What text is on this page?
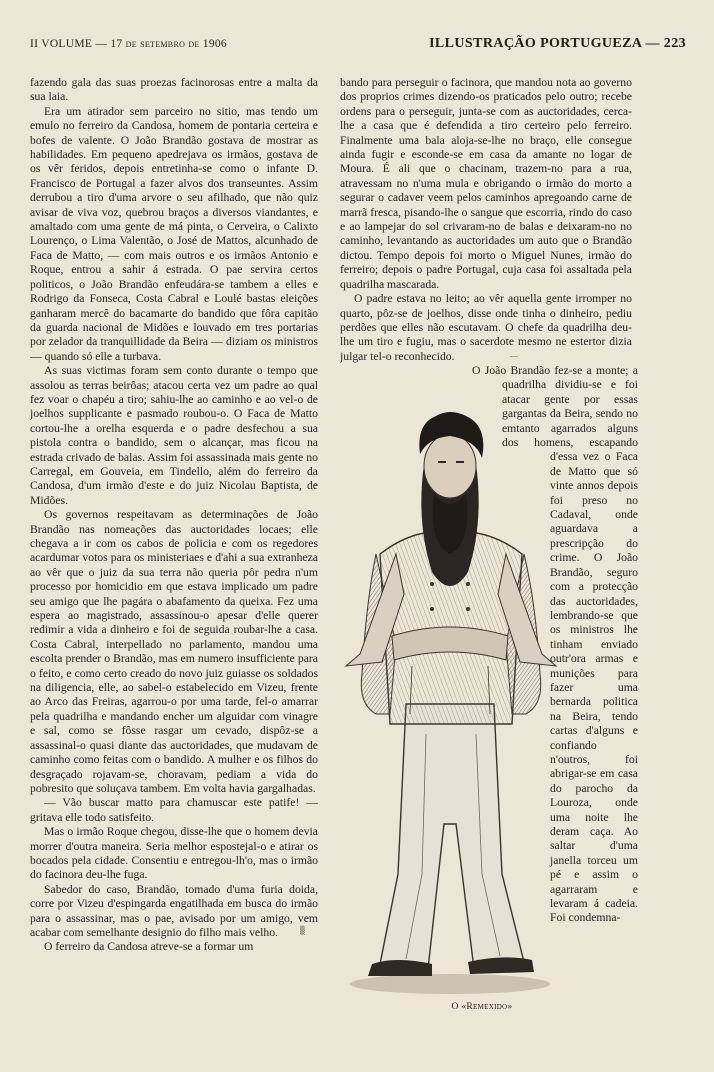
II VOLUME — 17 de setembro de 1906	ILLUSTRAÇÃO PORTUGUEZA — 223

fazendo gala das suas proezas facinorosas entre a malta da sua laia.

Era um atirador sem parceiro no sitio, mas tendo um emulo no ferreiro da Candosa, homem de pontaria certeira e bofes de valente. O João Brandão gostava de mostrar as habilidades. Em pequeno apedrejava os irmãos, gostava de os vêr feridos, depois entretinha-se como o infante D. Francisco de Portugal a fazer alvos dos transeuntes. Assim derrubou a tiro d'uma arvore o seu afilhado, que não quiz avisar de viva voz, quebrou braços a diversos viandantes, e amaltado com uma gente de má pinta, o Cerveira, o Calixto Lourenço, o Lima Valentão, o José de Mattos, alcunhado de Faca de Matto, — com mais outros e os irmãos Antonio e Roque, entrou a sahir á estrada. O pae servira certos politicos, o João Brandão enfeudára-se tambem a elles e Rodrigo da Fonseca, Costa Cabral e Loulé bastas eleições ganharam mercê do bacamarte do bandido que fôra capitão da guarda nacional de Midões e louvado em tres portarias por zelador da tranquillidade da Beira — diziam os ministros — quando só elle a turbava.

As suas victimas foram sem conto durante o tempo que assolou as terras beirôas; atacou certa vez um padre ao qual fez voar o chapéu a tiro; sahiu-lhe ao caminho e ao vel-o de joelhos supplicante e pasmado roubou-o. O Faca de Matto cortou-lhe a orelha esquerda e o padre desfechou a sua pistola contra o bandido, sem o alcançar, mas ficou na estrada crivado de balas. Assim foi assassinada mais gente no Carregal, em Gouveia, em Tindello, além do ferreiro da Candosa, d'um irmão d'este e do juiz Nicolau Baptista, de Midões.

Os governos respeitavam as determinações de João Brandão nas nomeações das auctoridades locaes; elle chegava a ir com os cabos de policia e com os regedores acardumar votos para os ministeriaes e d'ahi a sua extranheza ao vêr que o juiz da sua terra não queria pôr pedra n'um processo por homicidio em que estava implicado um padre seu amigo que lhe pagára o abafamento da queixa. Fez uma espera ao magistrado, assassinou-o apesar d'elle querer redimir a vida a dinheiro e foi de seguida roubar-lhe a casa. Costa Cabral, interpellado no parlamento, mandou uma escolta prender o Brandão, mas em numero insufficiente para o feito, e como certo creado do novo juiz guiasse os soldados na diligencia, elle, ao sabel-o estabelecido em Vizeu, frente ao Arco das Freiras, agarrou-o por uma tarde, fel-o amarrar pela quadrilha e mandando encher um alguidar com vinagre e sal, como se fôsse rasgar um cevado, dispôz-se a assassinal-o quasi diante das auctoridades, que mudavam de caminho como feitas com o bandido. A mulher e os filhos do desgraçado rojavam-se, choravam, pediam a vida do pobresito que soluçava tambem. Em volta havia gargalhadas.

— Vão buscar matto para chamuscar este patife! — gritava elle todo satisfeito.

Mas o irmão Roque chegou, disse-lhe que o homem devia morrer d'outra maneira. Seria melhor espostejal-o e atirar os bocados pela cidade. Consentiu e entregou-lh'o, mas o irmão do facinora deu-lhe fuga.

Sabedor do caso, Brandão, tomado d'uma furia doida, corre por Vizeu d'espingarda engatilhada em busca do irmão para o assassinar, mas o pae, avisado por um amigo, vem acabar com semelhante designio do filho mais velho.

O ferreiro da Candosa atreve-se a formar um

bando para perseguir o facinora, que mandou nota ao governo dos proprios crimes dizendo-os praticados pelo outro; recebe ordens para o perseguir, junta-se com as auctoridades, cerca-lhe a casa que é defendida a tiro certeiro pelo ferreiro. Finalmente uma bala aloja-se-lhe no braço, elle consegue ainda fugir e esconde-se em casa da amante no logar de Moura. É ali que o chacinam, trazem-no para a rua, atravessam no n'uma mula e obrigando o irmão do morto a segurar o cadaver veem pelos caminhos apregoando carne de marrã fresca, pisando-lhe o sangue que escorria, rindo do caso e ao lampejar do sol crivaram-no de balas e deixaram-no no caminho, levantando as auctoridades um auto que o Brandão dictou. Tempo depois foi morto o Miguel Nunes, irmão do ferreiro; depois o padre Portugal, cuja casa foi assaltada pela quadrilha mascarada.

O padre estava no leito; ao vêr aquella gente irromper no quarto, pôz-se de joelhos, disse onde tinha o dinheiro, pediu perdões que elles não escutavam. O chefe da quadrilha deu-lhe um tiro e fugiu, mas o sacerdote mesmo ne estertor dizia julgar tel-o reconhecido.	⎯⎯
▒

O João Brandão fez-se a monte; a quadrilha dividiu-se e foi atacar gente por essas gargantas da Beira, sendo no emtanto agarrados alguns dos homens, escapando d'essa vez o Faca de Matto que só vinte annos depois foi preso no Cadaval, onde aguardava a prescripção do crime. O João Brandão, seguro com a protecção das auctoridades, lembrando-se que os ministros lhe tinham enviado outr'ora armas e munições para fazer uma bernarda politica na Beira, tendo cartas d'alguns e confiando n'outros, foi abrigar-se em casa do parocho da Louroza, onde uma noite lhe deram caça. Ao saltar d'uma janella torceu um pé e assim o agarraram e levaram á cadeia. Foi condemna-

O «Remexido»
